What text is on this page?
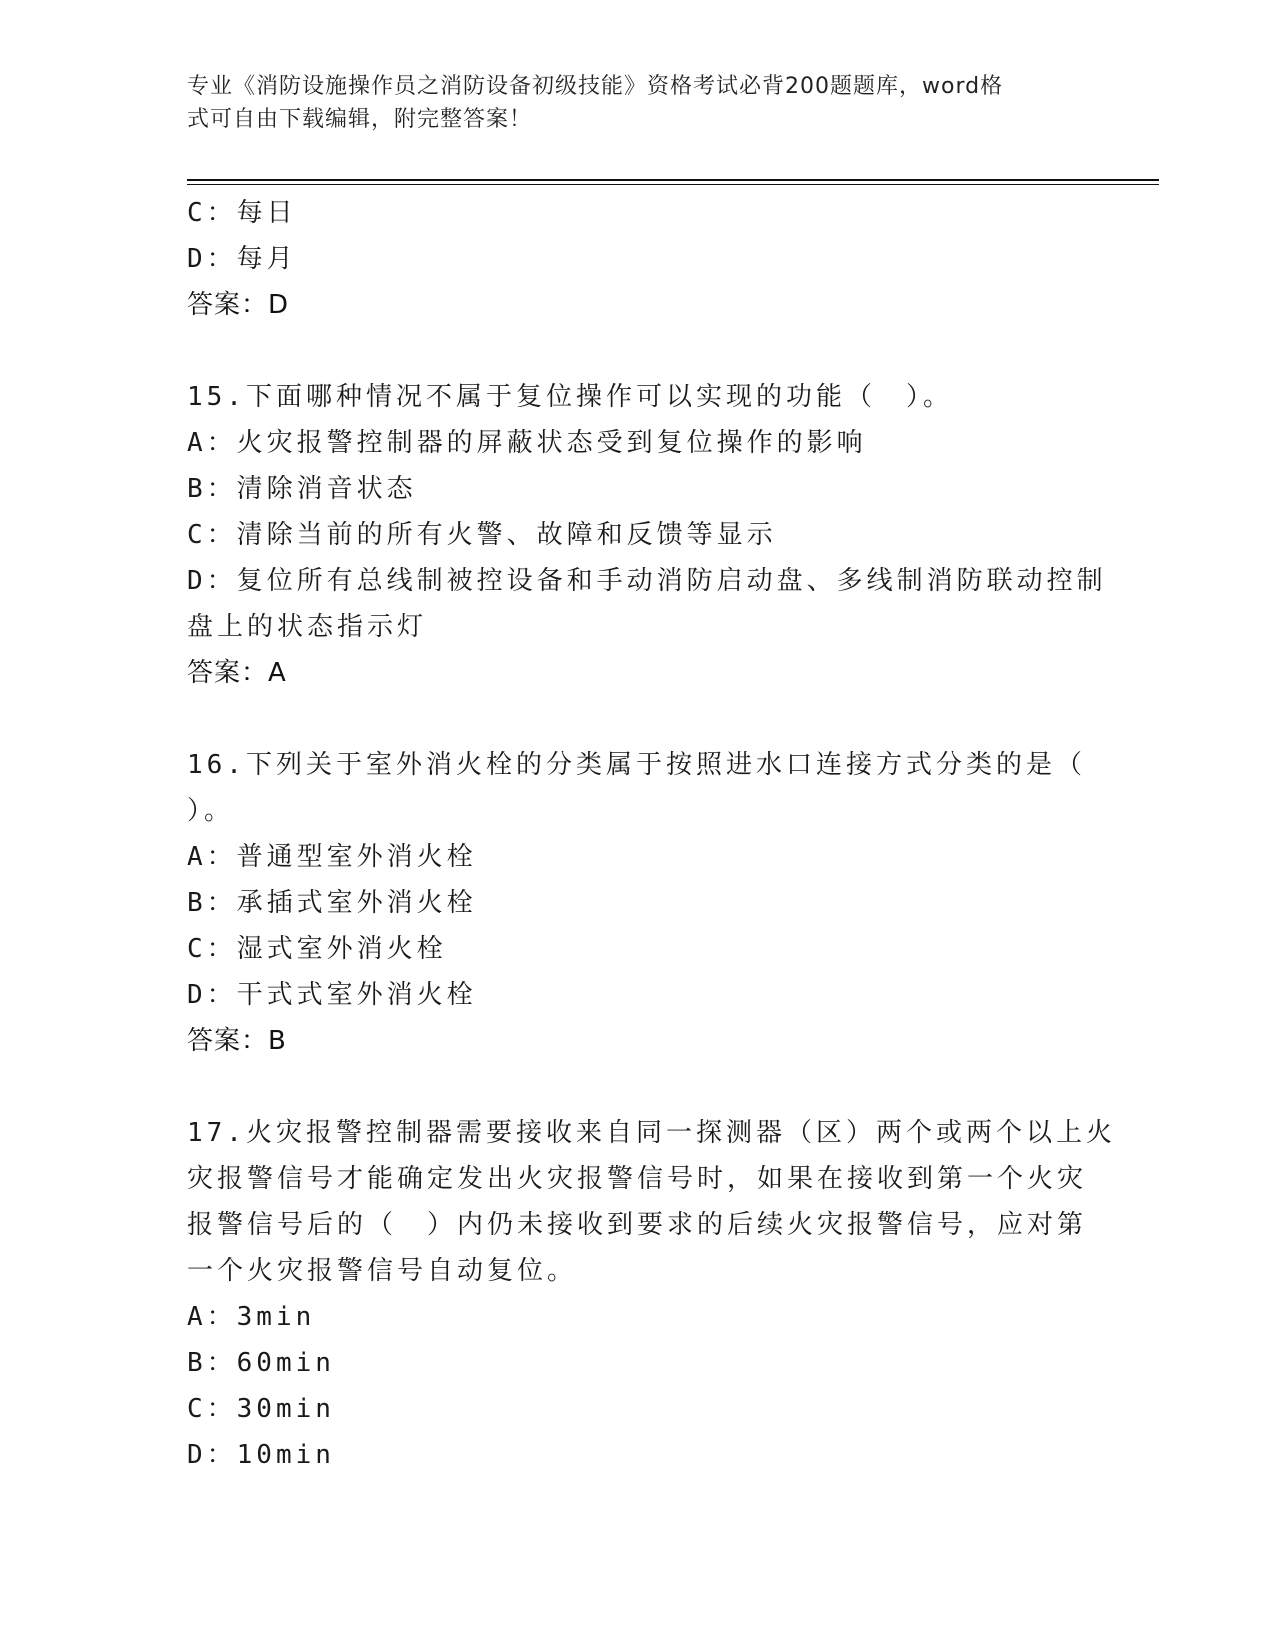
专业《消防设施操作员之消防设备初级技能》资格考试必背200题题库，word格
式可自由下载编辑，附完整答案！
C：每日
D：每月
答案：D
15.下面哪种情况不属于复位操作可以实现的功能（　）。
A：火灾报警控制器的屏蔽状态受到复位操作的影响
B：清除消音状态
C：清除当前的所有火警、故障和反馈等显示
D：复位所有总线制被控设备和手动消防启动盘、多线制消防联动控制
盘上的状态指示灯
答案：A
16.下列关于室外消火栓的分类属于按照进水口连接方式分类的是（
）。
A：普通型室外消火栓
B：承插式室外消火栓
C：湿式室外消火栓
D：干式式室外消火栓
答案：B
17.火灾报警控制器需要接收来自同一探测器（区）两个或两个以上火
灾报警信号才能确定发出火灾报警信号时，如果在接收到第一个火灾
报警信号后的（　）内仍未接收到要求的后续火灾报警信号，应对第
一个火灾报警信号自动复位。
A：3min
B：60min
C：30min
D：10min
